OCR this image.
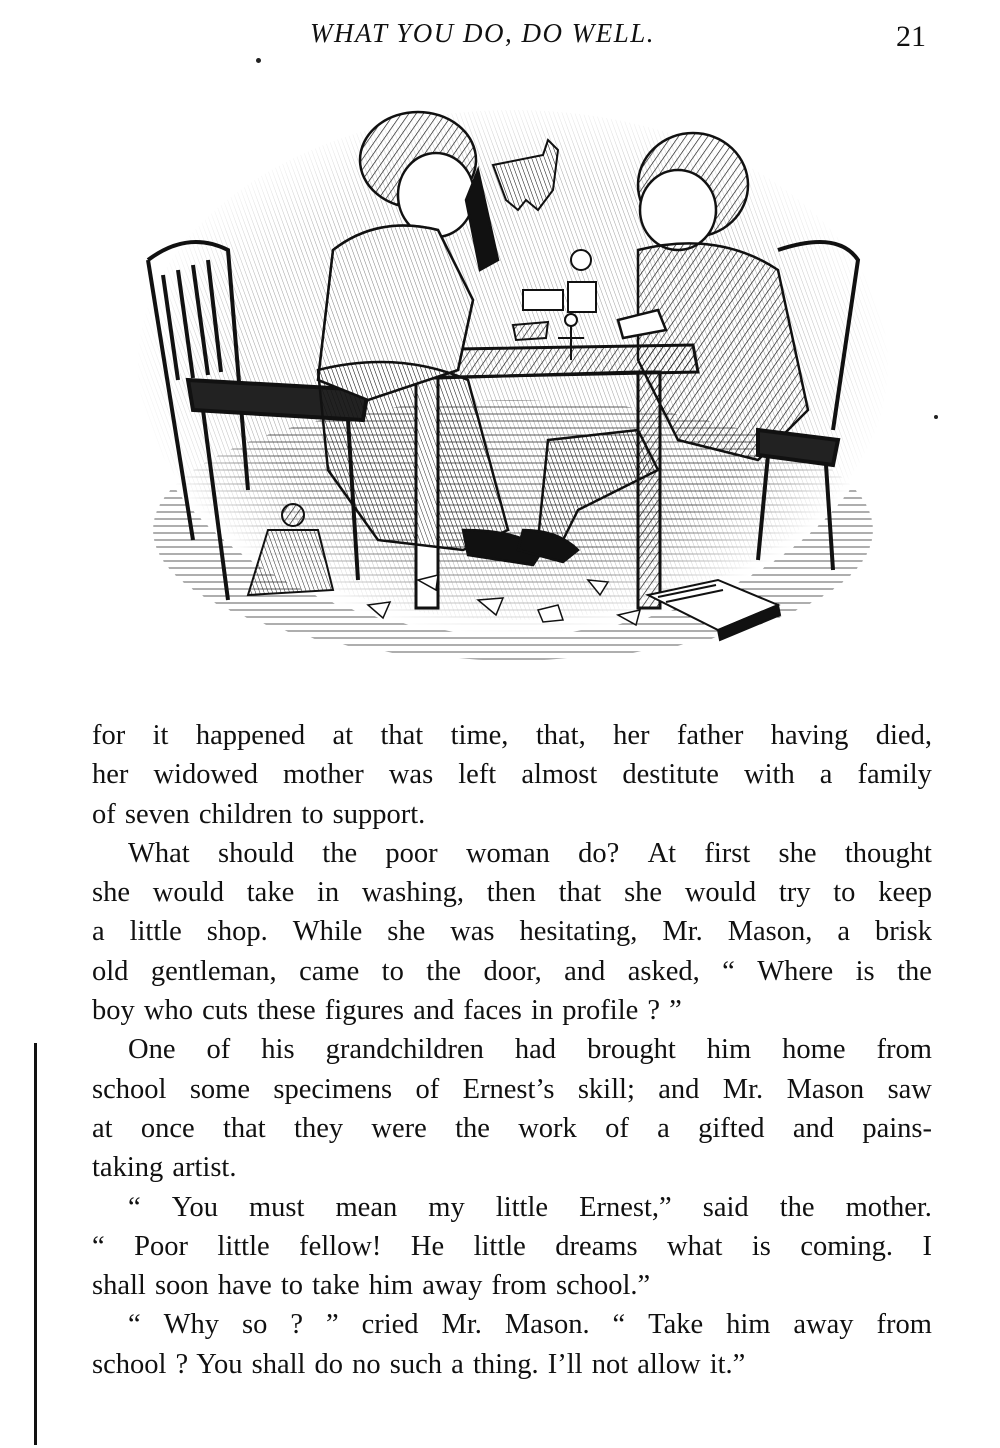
WHAT YOU DO, DO WELL.	21
for it happened at that time, that, her father having died,
her widowed mother was left almost destitute with a family
of seven children to support.
What should the poor woman do? At first she thought
she would take in washing, then that she would try to keep
a little shop. While she was hesitating, Mr. Mason, a brisk
old gentleman, came to the door, and asked, “ Where is the
boy who cuts these figures and faces in profile ? ”
One of his grandchildren had brought him home from
school some specimens of Ernest’s skill; and Mr. Mason saw
at once that they were the work of a gifted and pains-
taking artist.
“ You must mean my little Ernest,” said the mother.
“ Poor little fellow! He little dreams what is coming. I
shall soon have to take him away from school.”
“ Why so ? ” cried Mr. Mason. “ Take him away from
school ? You shall do no such a thing. I’ll not allow it.”
